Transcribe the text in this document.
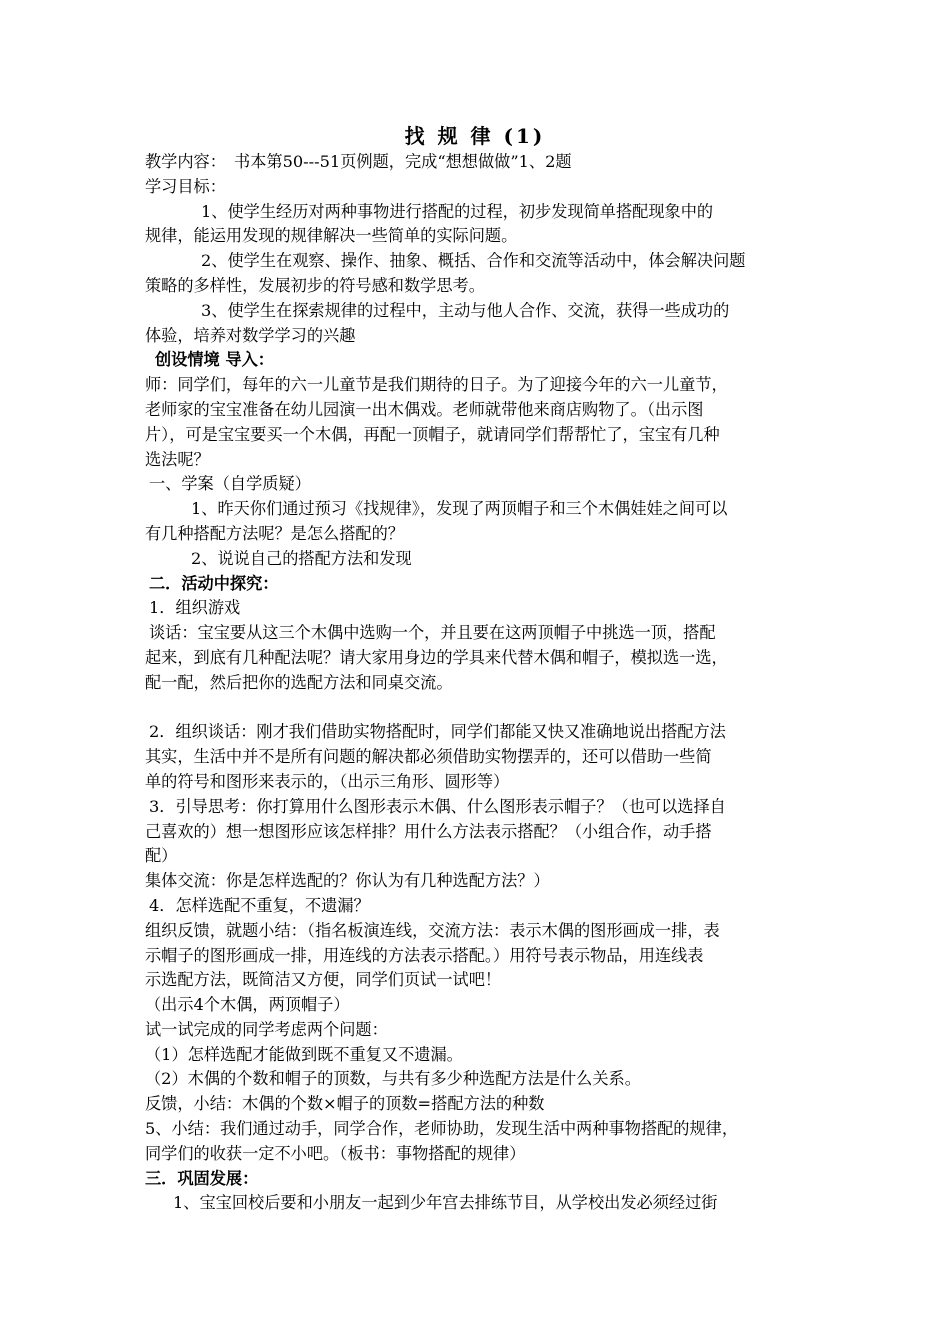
找 规 律 (1)

教学内容：　书本第50---51页例题，完成“想想做做”1、2题

学习目标：

1、使学生经历对两种事物进行搭配的过程，初步发现简单搭配现象中的

规律，能运用发现的规律解决一些简单的实际问题。

2、使学生在观察、操作、抽象、概括、合作和交流等活动中，体会解决问题

策略的多样性，发展初步的符号感和数学思考。

3、使学生在探索规律的过程中，主动与他人合作、交流，获得一些成功的

体验，培养对数学学习的兴趣

创设情境 导入：

师：同学们，每年的六一儿童节是我们期待的日子。为了迎接今年的六一儿童节，

老师家的宝宝准备在幼儿园演一出木偶戏。老师就带他来商店购物了。（出示图

片），可是宝宝要买一个木偶，再配一顶帽子，就请同学们帮帮忙了，宝宝有几种

选法呢？

一、学案（自学质疑）

1、昨天你们通过预习《找规律》，发现了两顶帽子和三个木偶娃娃之间可以

有几种搭配方法呢？是怎么搭配的？

2、说说自己的搭配方法和发现

二．活动中探究：

1．组织游戏

谈话：宝宝要从这三个木偶中选购一个，并且要在这两顶帽子中挑选一顶，搭配

起来，到底有几种配法呢？请大家用身边的学具来代替木偶和帽子，模拟选一选，

配一配，然后把你的选配方法和同桌交流。

2．组织谈话：刚才我们借助实物搭配时，同学们都能又快又准确地说出搭配方法

其实，生活中并不是所有问题的解决都必须借助实物摆弄的，还可以借助一些简

单的符号和图形来表示的，（出示三角形、圆形等）

3．引导思考：你打算用什么图形表示木偶、什么图形表示帽子？（也可以选择自

己喜欢的）想一想图形应该怎样排？用什么方法表示搭配？（小组合作，动手搭

配）

集体交流：你是怎样选配的？你认为有几种选配方法？）

4．怎样选配不重复，不遗漏？

组织反馈，就题小结：（指名板演连线，交流方法：表示木偶的图形画成一排，表

示帽子的图形画成一排，用连线的方法表示搭配。）用符号表示物品，用连线表

示选配方法，既简洁又方便，同学们页试一试吧！

（出示4个木偶，两顶帽子）

试一试完成的同学考虑两个问题：

（1）怎样选配才能做到既不重复又不遗漏。

（2）木偶的个数和帽子的顶数，与共有多少种选配方法是什么关系。

反馈，小结：木偶的个数×帽子的顶数=搭配方法的种数

5、小结：我们通过动手，同学合作，老师协助，发现生活中两种事物搭配的规律，

同学们的收获一定不小吧。（板书：事物搭配的规律）

三．巩固发展：

1、宝宝回校后要和小朋友一起到少年宫去排练节目，从学校出发必须经过街
